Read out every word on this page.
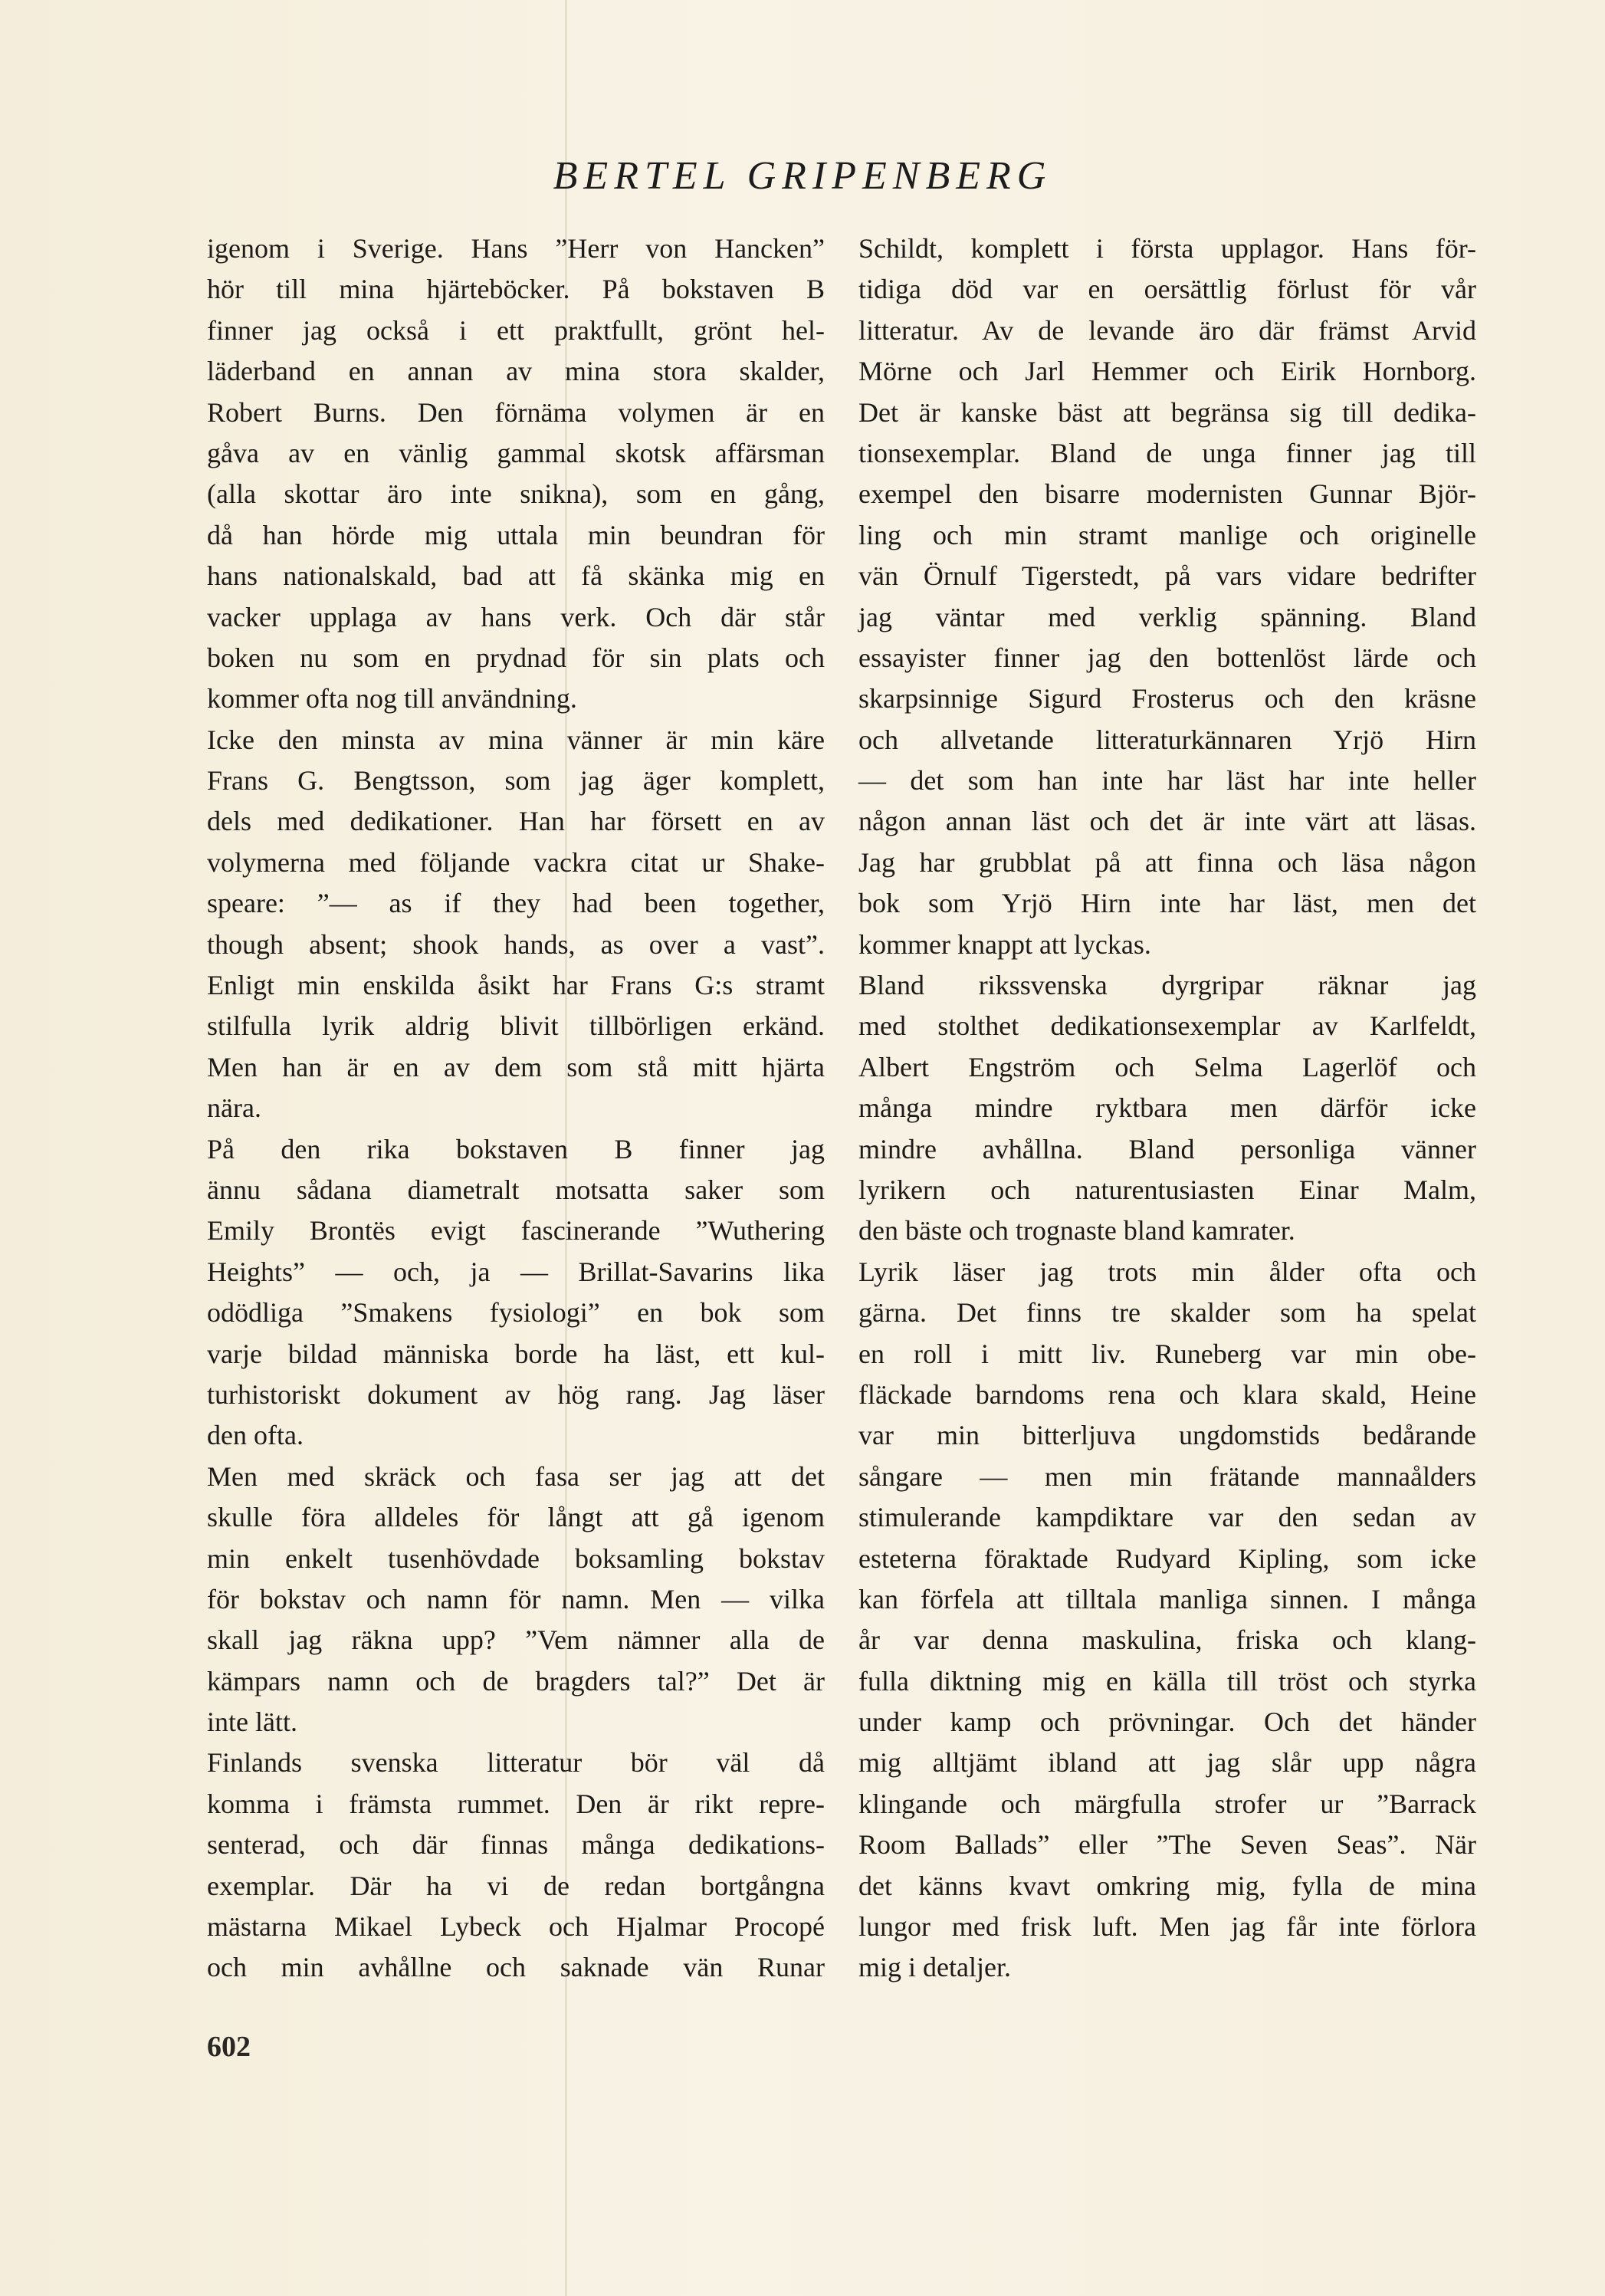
BERTEL GRIPENBERG
igenom i Sverige. Hans ”Herr von Hancken”
hör till mina hjärteböcker. På bokstaven B
finner jag också i ett praktfullt, grönt hel-
läderband en annan av mina stora skalder,
Robert Burns. Den förnäma volymen är en
gåva av en vänlig gammal skotsk affärsman
(alla skottar äro inte snikna), som en gång,
då han hörde mig uttala min beundran för
hans nationalskald, bad att få skänka mig en
vacker upplaga av hans verk. Och där står
boken nu som en prydnad för sin plats och
kommer ofta nog till användning.
Icke den minsta av mina vänner är min käre
Frans G. Bengtsson, som jag äger komplett,
dels med dedikationer. Han har försett en av
volymerna med följande vackra citat ur Shake-
speare: ”— as if they had been together,
though absent; shook hands, as over a vast”.
Enligt min enskilda åsikt har Frans G:s stramt
stilfulla lyrik aldrig blivit tillbörligen erkänd.
Men han är en av dem som stå mitt hjärta
nära.
På den rika bokstaven B finner jag
ännu sådana diametralt motsatta saker som
Emily Brontës evigt fascinerande ”Wuthering
Heights” — och, ja — Brillat-Savarins lika
odödliga ”Smakens fysiologi” en bok som
varje bildad människa borde ha läst, ett kul-
turhistoriskt dokument av hög rang. Jag läser
den ofta.
Men med skräck och fasa ser jag att det
skulle föra alldeles för långt att gå igenom
min enkelt tusenhövdade boksamling bokstav
för bokstav och namn för namn. Men — vilka
skall jag räkna upp? ”Vem nämner alla de
kämpars namn och de bragders tal?” Det är
inte lätt.
Finlands svenska litteratur bör väl då
komma i främsta rummet. Den är rikt repre-
senterad, och där finnas många dedikations-
exemplar. Där ha vi de redan bortgångna
mästarna Mikael Lybeck och Hjalmar Procopé
och min avhållne och saknade vän Runar
Schildt, komplett i första upplagor. Hans för-
tidiga död var en oersättlig förlust för vår
litteratur. Av de levande äro där främst Arvid
Mörne och Jarl Hemmer och Eirik Hornborg.
Det är kanske bäst att begränsa sig till dedika-
tionsexemplar. Bland de unga finner jag till
exempel den bisarre modernisten Gunnar Björ-
ling och min stramt manlige och originelle
vän Örnulf Tigerstedt, på vars vidare bedrifter
jag väntar med verklig spänning. Bland
essayister finner jag den bottenlöst lärde och
skarpsinnige Sigurd Frosterus och den kräsne
och allvetande litteraturkännaren Yrjö Hirn
— det som han inte har läst har inte heller
någon annan läst och det är inte värt att läsas.
Jag har grubblat på att finna och läsa någon
bok som Yrjö Hirn inte har läst, men det
kommer knappt att lyckas.
Bland rikssvenska dyrgripar räknar jag
med stolthet dedikationsexemplar av Karlfeldt,
Albert Engström och Selma Lagerlöf och
många mindre ryktbara men därför icke
mindre avhållna. Bland personliga vänner
lyrikern och naturentusiasten Einar Malm,
den bäste och trognaste bland kamrater.
Lyrik läser jag trots min ålder ofta och
gärna. Det finns tre skalder som ha spelat
en roll i mitt liv. Runeberg var min obe-
fläckade barndoms rena och klara skald, Heine
var min bitterljuva ungdomstids bedårande
sångare — men min frätande mannaålders
stimulerande kampdiktare var den sedan av
esteterna föraktade Rudyard Kipling, som icke
kan förfela att tilltala manliga sinnen. I många
år var denna maskulina, friska och klang-
fulla diktning mig en källa till tröst och styrka
under kamp och prövningar. Och det händer
mig alltjämt ibland att jag slår upp några
klingande och märgfulla strofer ur ”Barrack
Room Ballads” eller ”The Seven Seas”. När
det känns kvavt omkring mig, fylla de mina
lungor med frisk luft. Men jag får inte förlora
mig i detaljer.
602
